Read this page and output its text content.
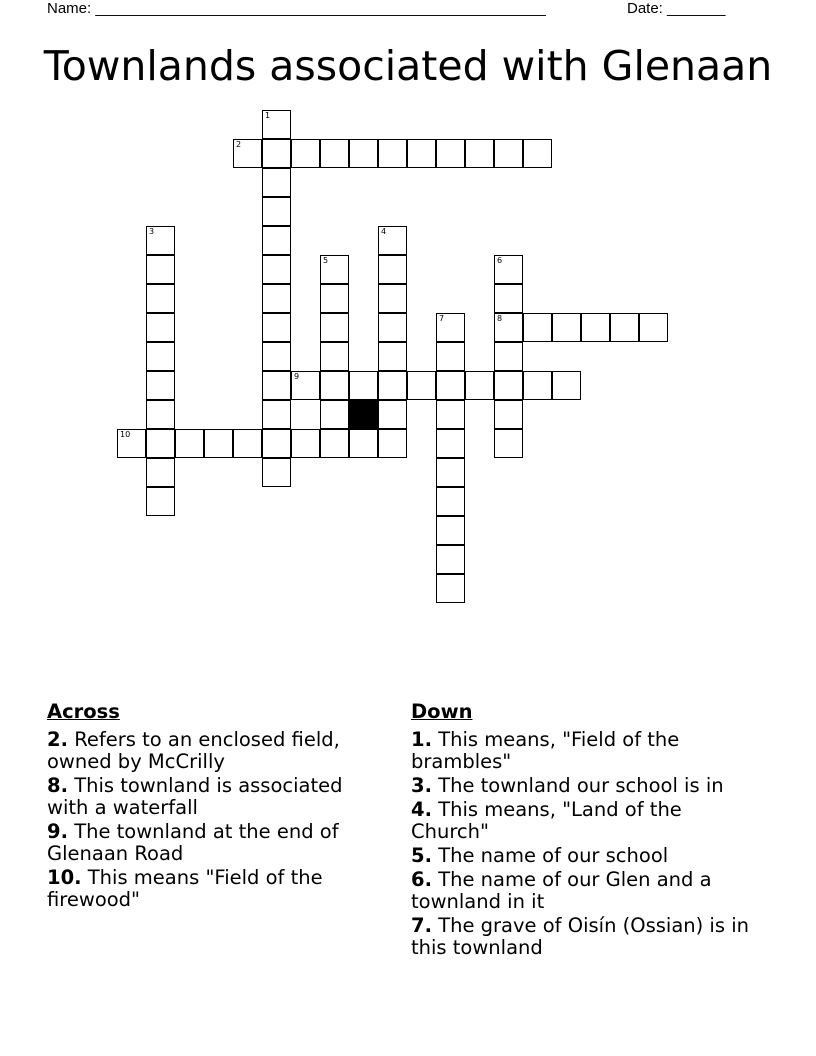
Name: ______________________________________________________	Date: _______
Townlands associated with Glenaan
1
2
3	4
5	6
7	8
9
10
Across
2. Refers to an enclosed field, owned by McCrilly
8. This townland is associated with a waterfall
9. The townland at the end of Glenaan Road
10. This means "Field of the firewood"
Down
1. This means, "Field of the brambles"
3. The townland our school is in
4. This means, "Land of the Church"
5. The name of our school
6. The name of our Glen and a townland in it
7. The grave of Oisín (Ossian) is in this townland
